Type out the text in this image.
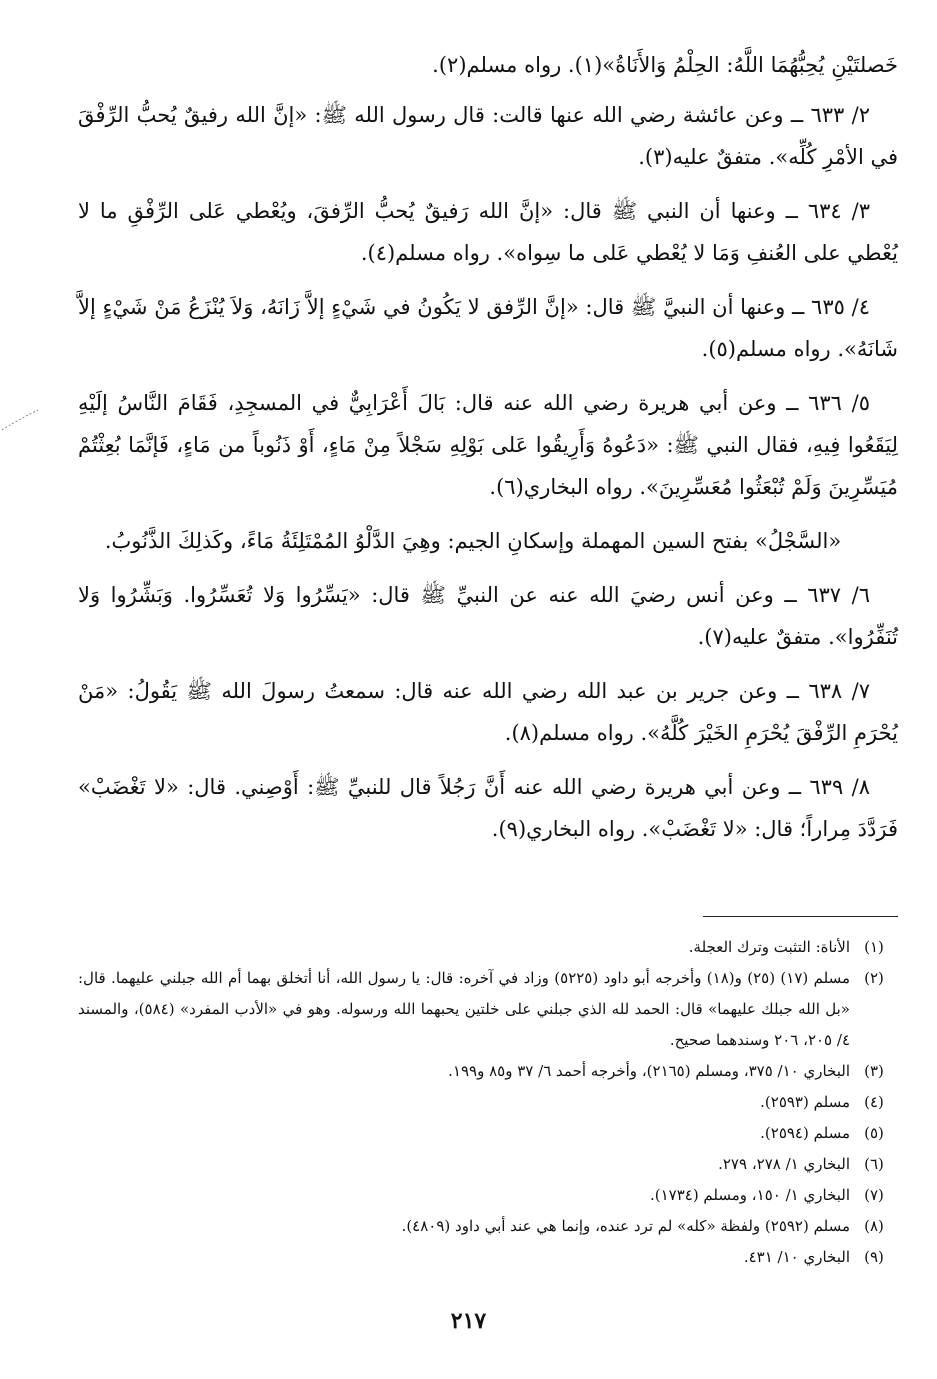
خَصلتَيْنِ يُحِبُّهُمَا اللَّهُ: الحِلْمُ وَالأَنَاةُ»(١). رواه مسلم(٢).

٢/ ٦٣٣ ــ وعن عائشة رضي الله عنها قالت: قال رسول الله ﷺ: «إنَّ الله رفيقٌ يُحبُّ الرِّفْقَ في الأمْرِ كُلِّه». متفقٌ عليه(٣).

٣/ ٦٣٤ ــ وعنها أن النبي ﷺ قال: «إنَّ الله رَفيقٌ يُحبُّ الرِّفقَ، ويُعْطي عَلى الرِّفْقِ ما لا يُعْطي على العُنفِ وَمَا لا يُعْطي عَلى ما سِواه». رواه مسلم(٤).

٤/ ٦٣٥ ــ وعنها أن النبيَّ ﷺ قال: «إنَّ الرِّفق لا يَكُونُ في شَيْءٍ إلاَّ زَانَهُ، وَلاَ يُنْزَعُ مَنْ شَيْءٍ إلاَّ شَانَهُ». رواه مسلم(٥).

٥/ ٦٣٦ ــ وعن أبي هريرة رضي الله عنه قال: بَالَ أَعْرَابِيٌّ في المسجِدِ، فَقَامَ النَّاسُ إلَيْهِ لِيَقَعُوا فِيهِ، فقال النبي ﷺ: «دَعُوهُ وَأَرِيقُوا عَلى بَوْلِهِ سَجْلاً مِنْ مَاءٍ، أَوْ ذَنُوباً من مَاءٍ، فَإنَّمَا بُعِثْتُمْ مُيَسِّرِينَ وَلَمْ تُبْعَثُوا مُعَسِّرِينَ». رواه البخاري(٦).

«السَّجْلُ» بفتح السين المهملة وإسكانِ الجيم: وهِيَ الدَّلْوُ المُمْتَلِئَةُ مَاءً، وكَذلِكَ الذَّنُوبُ.

٦/ ٦٣٧ ــ وعن أنس رضيَ الله عنه عن النبيِّ ﷺ قال: «يَسِّرُوا وَلا تُعَسِّرُوا. وَبَشِّرُوا وَلا تُنَفِّرُوا». متفقٌ عليه(٧).

٧/ ٦٣٨ ــ وعن جرير بن عبد الله رضي الله عنه قال: سمعتُ رسولَ الله ﷺ يَقُولُ: «مَنْ يُحْرَمِ الرِّفْقَ يُحْرَمِ الخَيْرَ كُلَّهُ». رواه مسلم(٨).

٨/ ٦٣٩ ــ وعن أبي هريرة رضي الله عنه أَنَّ رَجُلاً قال للنبيِّ ﷺ: أَوْصِني. قال: «لا تَغْضَبْ» فَرَدَّدَ مِراراً؛ قال: «لا تَغْضَبْ». رواه البخاري(٩).

(١)
الأناة: التثبت وترك العجلة.
(٢)
مسلم (١٧) (٢٥) و(١٨) وأخرجه أبو داود (٥٢٢٥) وزاد في آخره: قال: يا رسول الله، أنا أتخلق بهما أم الله جبلني عليهما. قال: «بل الله جبلك عليهما» قال: الحمد لله الذي جبلني على خلتين يحبهما الله ورسوله. وهو في «الأدب المفرد» (٥٨٤)، والمسند ٤/ ٢٠٥، ٢٠٦ وسندهما صحيح.
(٣)
البخاري ١٠/ ٣٧٥، ومسلم (٢١٦٥)، وأخرجه أحمد ٦/ ٣٧ و٨٥ و١٩٩.
(٤)
مسلم (٢٥٩٣).
(٥)
مسلم (٢٥٩٤).
(٦)
البخاري ١/ ٢٧٨، ٢٧٩.
(٧)
البخاري ١/ ١٥٠، ومسلم (١٧٣٤).
(٨)
مسلم (٢٥٩٢) ولفظة «كله» لم ترد عنده، وإنما هي عند أبي داود (٤٨٠٩).
(٩)
البخاري ١٠/ ٤٣١.
٢١٧
